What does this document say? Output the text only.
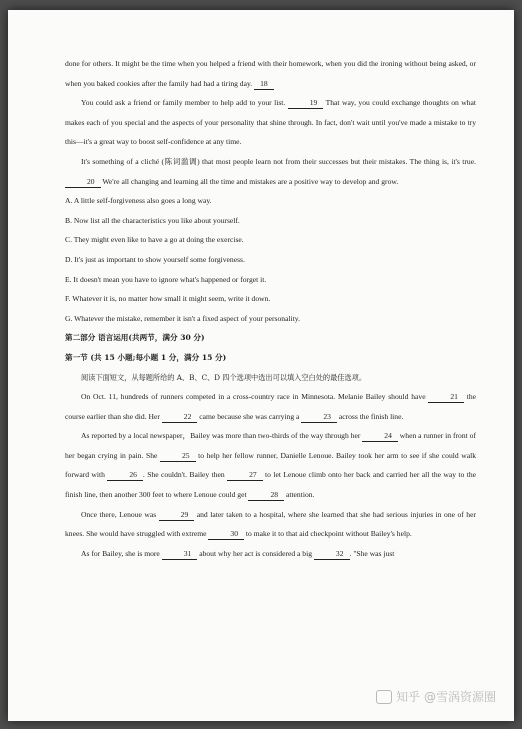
done for others. It might be the time when you helped a friend with their homework, when you did the ironing without being asked, or when you baked cookies after the family had had a tiring day. 18

You could ask a friend or family member to help add to your list.	19 That way, you could exchange thoughts on what makes each of you special and the aspects of your personality that shine through. In fact, don't wait until you've made a mistake to try this—it's a great way to boost self-confidence at any time.

It's something of a cliché (陈词滥调) that most people learn not from their successes but their mistakes. The thing is, it's true. 20 We're all changing and learning all the time and mistakes are a positive way to develop and grow.

A. A little self-forgiveness also goes a long way.

B. Now list all the characteristics you like about yourself.

C. They might even like to have a go at doing the exercise.

D. It's just as important to show yourself some forgiveness.

E. It doesn't mean you have to ignore what's happened or forget it.

F. Whatever it is, no matter how small it might seem, write it down.

G. Whatever the mistake, remember it isn't a fixed aspect of your personality.

第二部分 语言运用(共两节，满分 30 分)

第一节 (共 15 小题;每小题 1 分，满分 15 分)

阅读下面短文，从每题所给的 A、B、C、D 四个选项中选出可以填入空白处的最佳选项。

On Oct. 11, hundreds of runners competed in a cross-country race in Minnesota. Melanie Bailey should have	21 the course earlier than she did. Her	22 came because she was carrying a	23 across the finish line.

As reported by a local newspaper，Bailey was more than two-thirds of the way through her	24 when a runner in front of her began crying in pain. She	25 to help her fellow runner, Danielle Lenoue. Bailey took her arm to see if she could walk forward with	26 . She couldn't. Bailey then	27 to let Lenoue climb onto her back and carried her all the way to the finish line, then another 300 feet to where Lenoue could get	28 attention.

Once there, Lenoue was	29 and later taken to a hospital, where she learned that she had serious injuries in one of her knees. She would have struggled with extreme	30 to make it to that aid checkpoint without Bailey's help.

As for Bailey, she is more	31 about why her act is considered a big	32 . "She was just

知乎 @雪涡资源圈
